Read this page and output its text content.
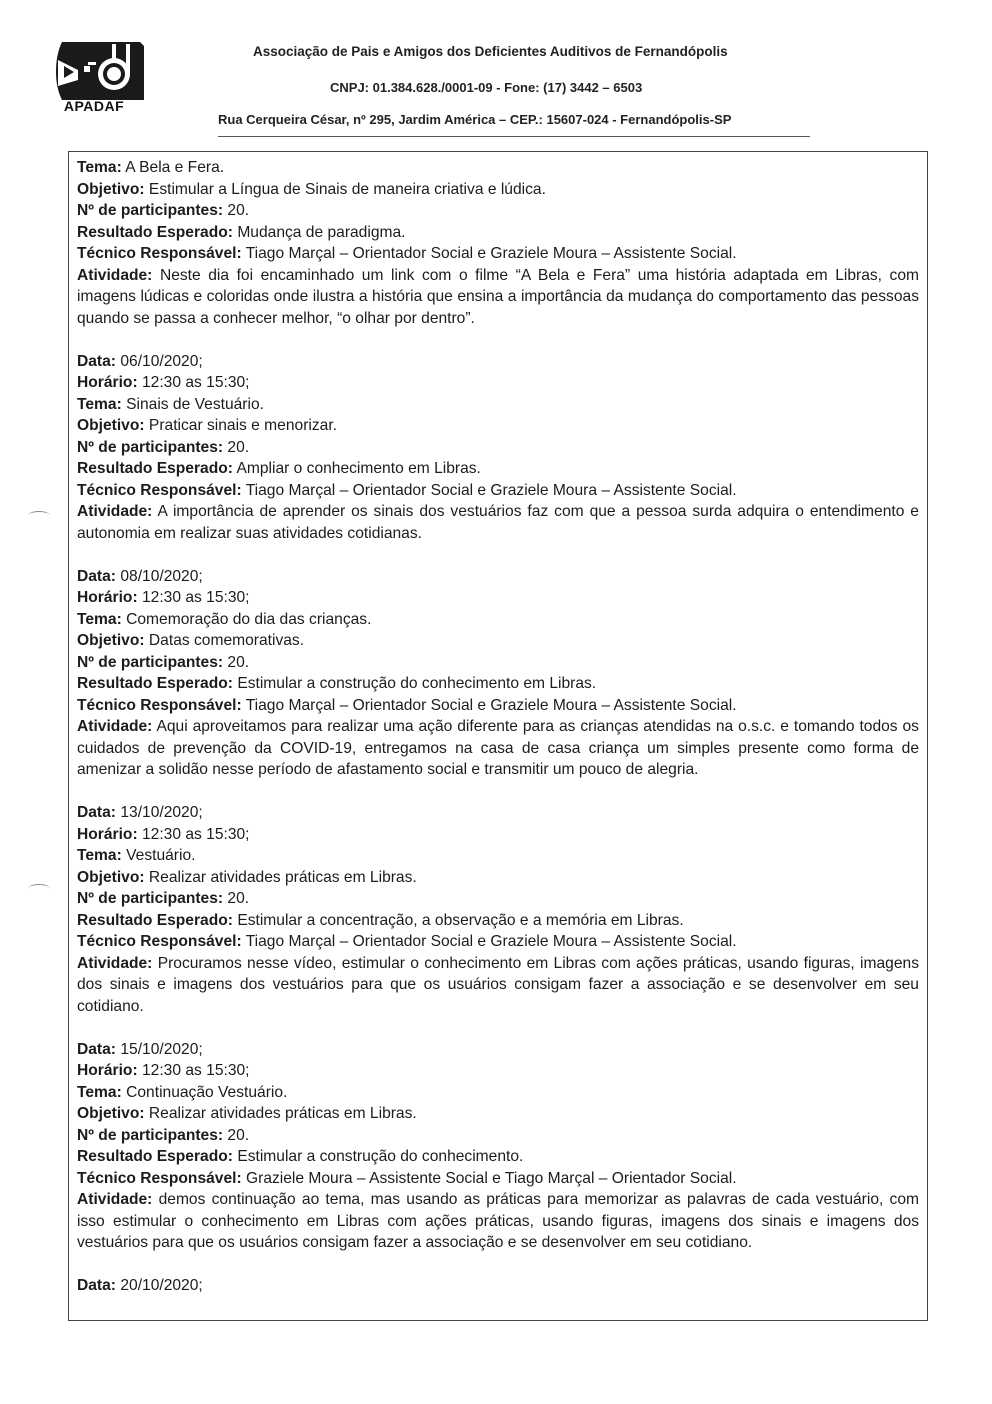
APADAF
Associação de Pais e Amigos dos Deficientes Auditivos de Fernandópolis
CNPJ: 01.384.628./0001-09 - Fone: (17) 3442 – 6503
Rua Cerqueira César, nº 295, Jardim América – CEP.: 15607-024 - Fernandópolis-SP
Tema: A Bela e Fera.
Objetivo: Estimular a Língua de Sinais de maneira criativa e lúdica.
Nº de participantes: 20.
Resultado Esperado: Mudança de paradigma.
Técnico Responsável: Tiago Marçal – Orientador Social e Graziele Moura – Assistente Social.
Atividade: Neste dia foi encaminhado um link com o filme “A Bela e Fera” uma história adaptada em Libras, com imagens lúdicas e coloridas onde ilustra a história que ensina a importância da mudança do comportamento das pessoas quando se passa a conhecer melhor, “o olhar por dentro”.
Data: 06/10/2020;
Horário: 12:30 as 15:30;
Tema: Sinais de Vestuário.
Objetivo: Praticar sinais e menorizar.
Nº de participantes: 20.
Resultado Esperado: Ampliar o conhecimento em Libras.
Técnico Responsável: Tiago Marçal – Orientador Social e Graziele Moura – Assistente Social.
Atividade: A importância de aprender os sinais dos vestuários faz com que a pessoa surda adquira o entendimento e autonomia em realizar suas atividades cotidianas.
Data: 08/10/2020;
Horário: 12:30 as 15:30;
Tema: Comemoração do dia das crianças.
Objetivo: Datas comemorativas.
Nº de participantes: 20.
Resultado Esperado: Estimular a construção do conhecimento em Libras.
Técnico Responsável: Tiago Marçal – Orientador Social e Graziele Moura – Assistente Social.
Atividade: Aqui aproveitamos para realizar uma ação diferente para as crianças atendidas na o.s.c. e tomando todos os cuidados de prevenção da COVID-19, entregamos na casa de casa criança um simples presente como forma de amenizar a solidão nesse período de afastamento social e transmitir um pouco de alegria.
Data: 13/10/2020;
Horário: 12:30 as 15:30;
Tema: Vestuário.
Objetivo: Realizar atividades práticas em Libras.
Nº de participantes: 20.
Resultado Esperado: Estimular a concentração, a observação e a memória em Libras.
Técnico Responsável: Tiago Marçal – Orientador Social e Graziele Moura – Assistente Social.
Atividade: Procuramos nesse vídeo, estimular o conhecimento em Libras com ações práticas, usando figuras, imagens dos sinais e imagens dos vestuários para que os usuários consigam fazer a associação e se desenvolver em seu cotidiano.
Data: 15/10/2020;
Horário: 12:30 as 15:30;
Tema: Continuação Vestuário.
Objetivo: Realizar atividades práticas em Libras.
Nº de participantes: 20.
Resultado Esperado: Estimular a construção do conhecimento.
Técnico Responsável: Graziele Moura – Assistente Social e Tiago Marçal – Orientador Social.
Atividade: demos continuação ao tema, mas usando as práticas para memorizar as palavras de cada vestuário, com isso estimular o conhecimento em Libras com ações práticas, usando figuras, imagens dos sinais e imagens dos vestuários para que os usuários consigam fazer a associação e se desenvolver em seu cotidiano.
Data: 20/10/2020;
